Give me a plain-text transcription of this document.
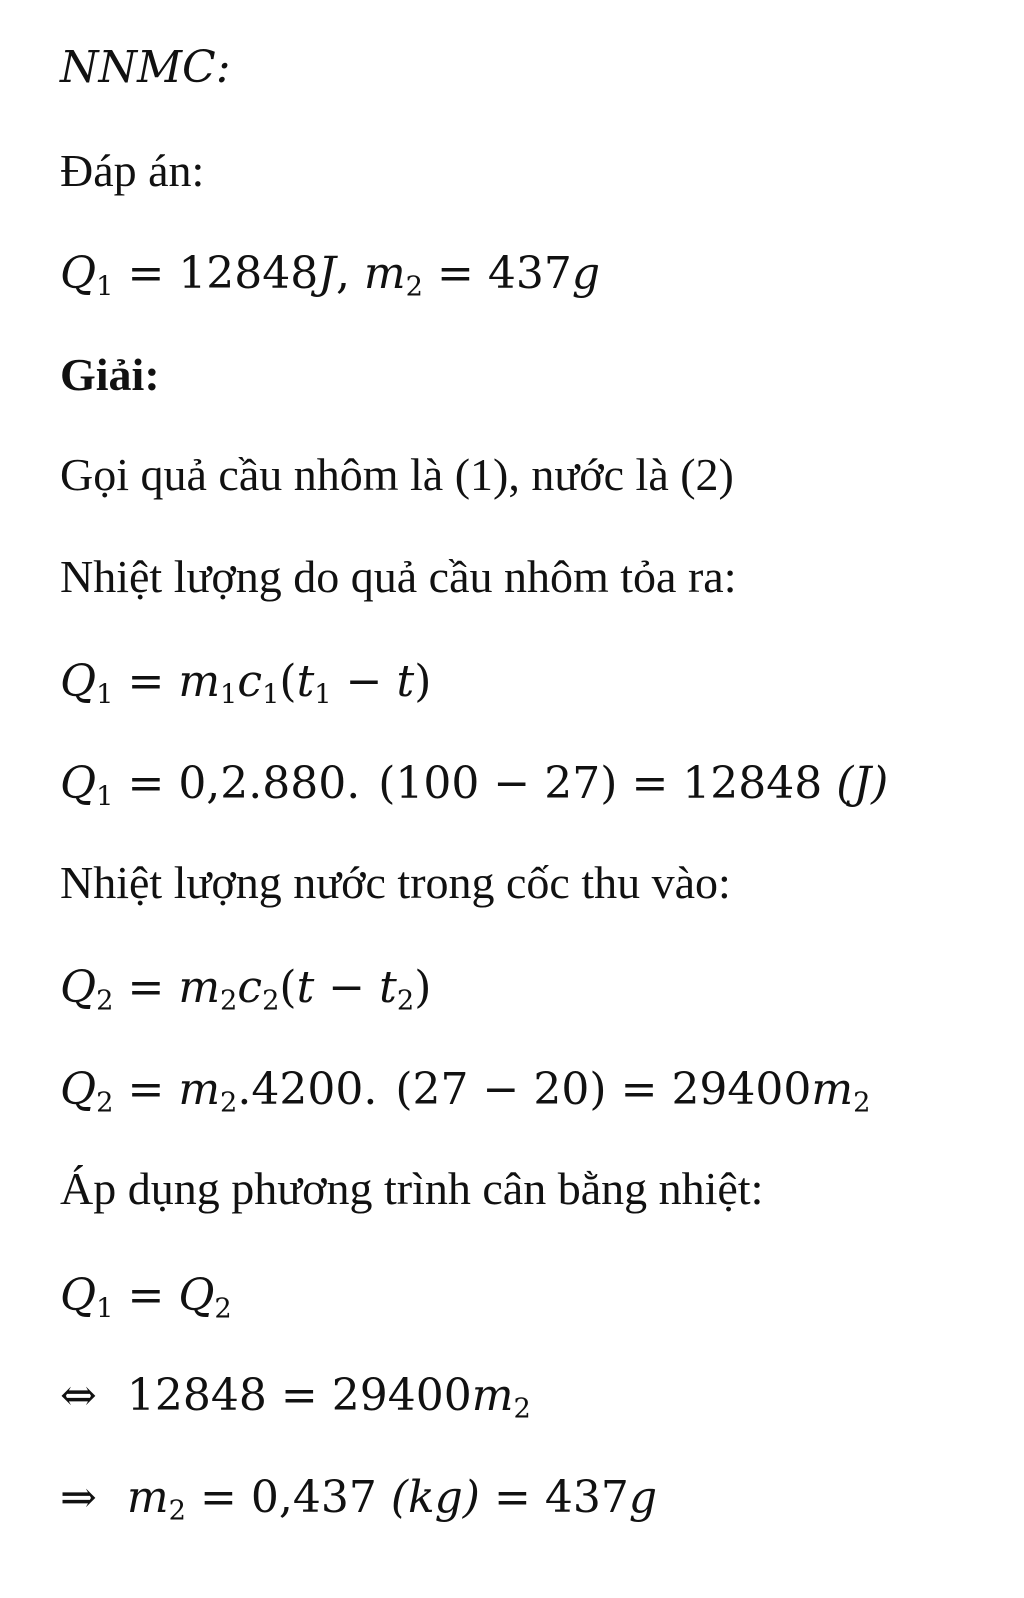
NNMC:
Đáp án:
$Q_1 = 12848J$, $m_2 = 437g$
Giải:
Gọi quả cầu nhôm là (1), nước là (2)
Nhiệt lượng do quả cầu nhôm tỏa ra:
$Q_1 = m_1c_1(t_1 - t)$
$Q_1 = 0,2.880$. (100 − 27) = 12848 (J)
Nhiệt lượng nước trong cốc thu vào:
$Q_2 = m_2c_2(t - t_2)$
$Q_2 = m_2.4200$. $(27 - 20) = 29400m_2$
Áp dụng phương trình cân bằng nhiệt:
$Q_1 = Q_2$
⇔ $12848 = 29400m_2$
⇒ $m_2 = 0,437$ (kg) = 437g
